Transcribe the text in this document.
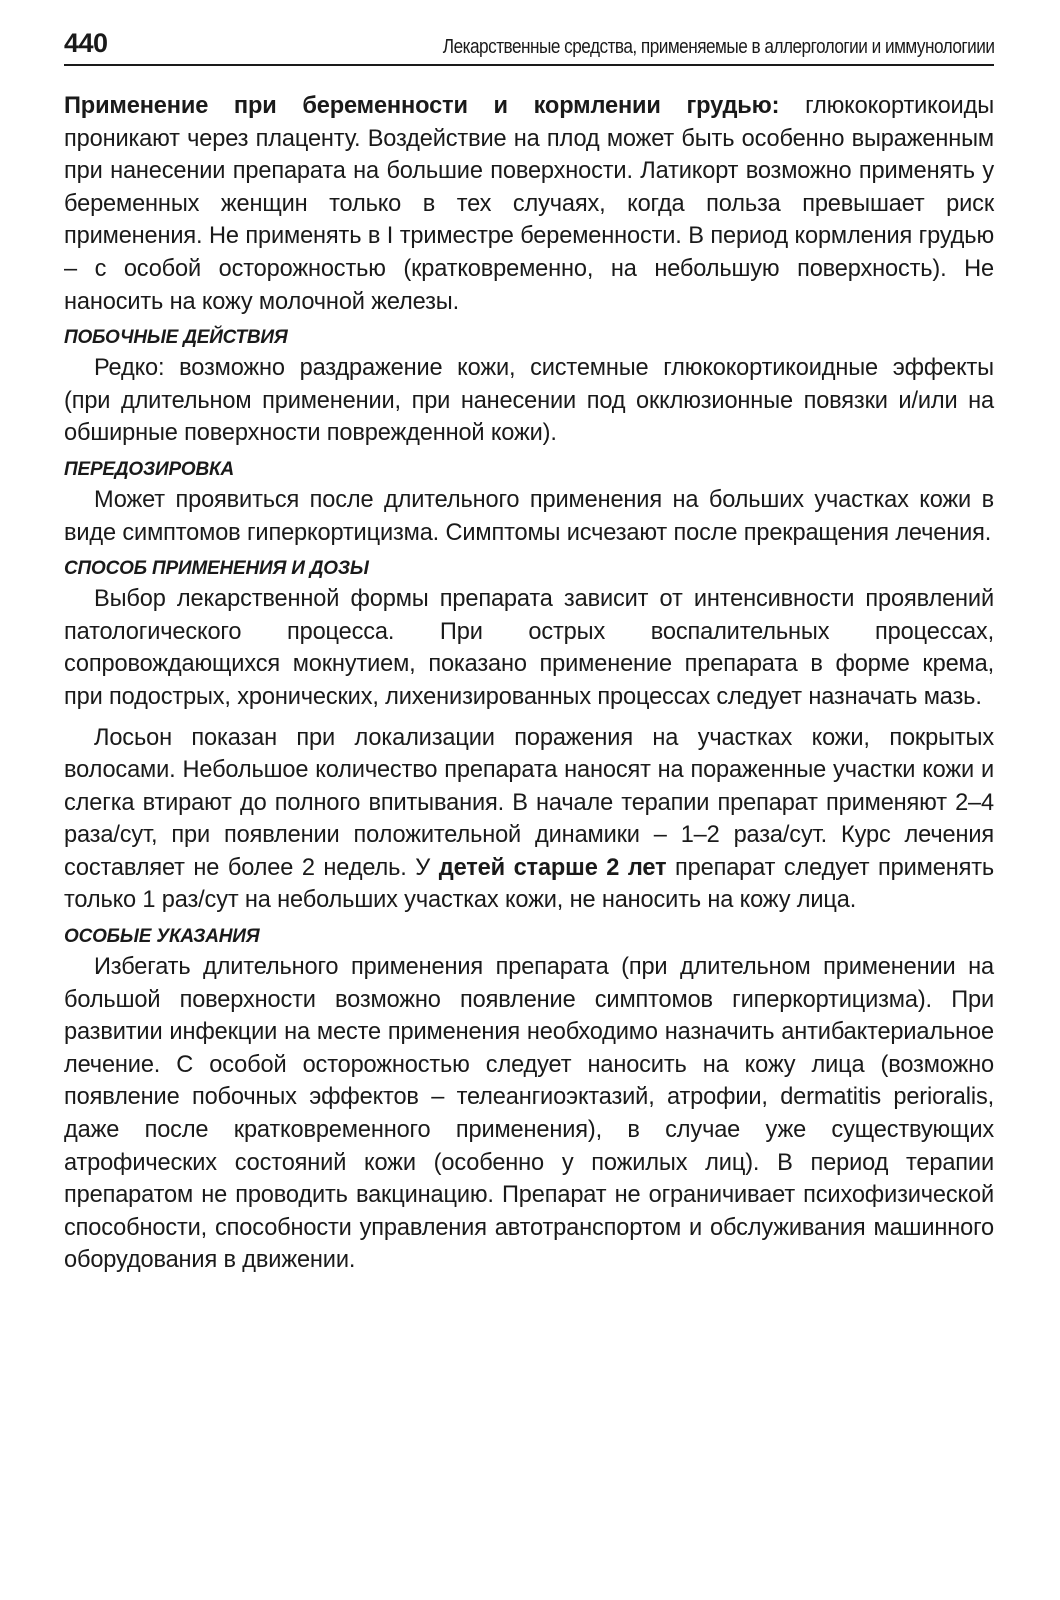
440	Лекарственные средства, применяемые в аллергологии и иммунологиии

Применение при беременности и кормлении грудью: глюкокортикоиды проникают через плаценту. Воздействие на плод может быть особенно выраженным при нанесении препарата на большие поверхности. Латикорт возможно применять у беременных женщин только в тех случаях, когда польза превышает риск применения. Не применять в I триместре беременности. В период кормления грудью – с особой осторожностью (кратковременно, на небольшую поверхность). Не наносить на кожу молочной железы.

ПОБОЧНЫЕ ДЕЙСТВИЯ

Редко: возможно раздражение кожи, системные глюкокортикоидные эффекты (при длительном применении, при нанесении под окклюзионные повязки и/или на обширные поверхности поврежденной кожи).

ПЕРЕДОЗИРОВКА

Может проявиться после длительного применения на больших участках кожи в виде симптомов гиперкортицизма. Симптомы исчезают после прекращения лечения.

СПОСОБ ПРИМЕНЕНИЯ И ДОЗЫ

Выбор лекарственной формы препарата зависит от интенсивности проявлений патологического процесса. При острых воспалительных процессах, сопровождающихся мокнутием, показано применение препарата в форме крема, при подострых, хронических, лихенизированных процессах следует назначать мазь.

Лосьон показан при локализации поражения на участках кожи, покрытых волосами. Небольшое количество препарата наносят на пораженные участки кожи и слегка втирают до полного впитывания. В начале терапии препарат применяют 2–4 раза/сут, при появлении положительной динамики – 1–2 раза/сут. Курс лечения составляет не более 2 недель. У детей старше 2 лет препарат следует применять только 1 раз/сут на небольших участках кожи, не наносить на кожу лица.

ОСОБЫЕ УКАЗАНИЯ

Избегать длительного применения препарата (при длительном применении на большой поверхности возможно появление симптомов гиперкортицизма). При развитии инфекции на месте применения необходимо назначить антибактериальное лечение. С особой осторожностью следует наносить на кожу лица (возможно появление побочных эффектов – телеангиоэктазий, атрофии, dermatitis perioralis, даже после кратковременного применения), в случае уже существующих атрофических состояний кожи (особенно у пожилых лиц). В период терапии препаратом не проводить вакцинацию. Препарат не ограничивает психофизической способности, способности управления автотранспортом и обслуживания машинного оборудования в движении.
